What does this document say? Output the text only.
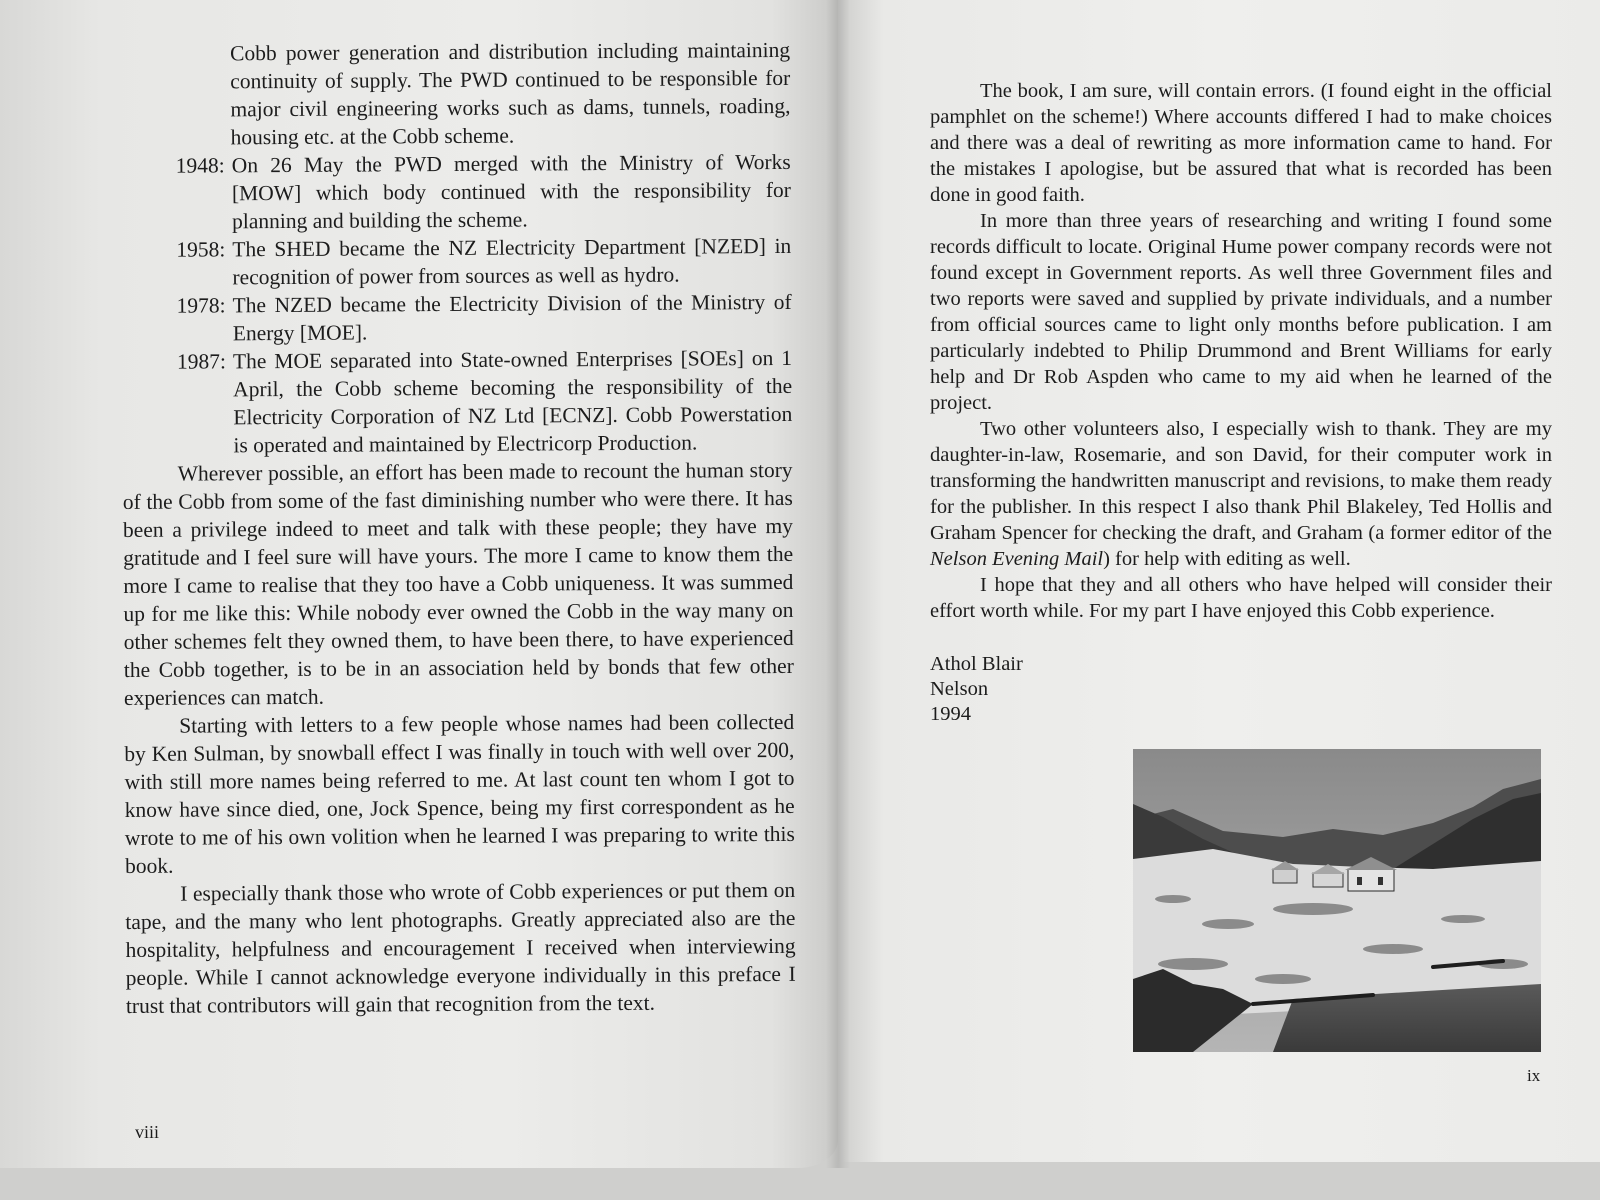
Cobb power generation and distribution including maintaining continuity of supply. The PWD continued to be responsible for major civil engineering works such as dams, tunnels, roading, housing etc. at the Cobb scheme.

1948: On 26 May the PWD merged with the Ministry of Works [MOW] which body continued with the responsibility for planning and building the scheme.
1958: The SHED became the NZ Electricity Department [NZED] in recognition of power from sources as well as hydro.
1978: The NZED became the Electricity Division of the Ministry of Energy [MOE].
1987: The MOE separated into State-owned Enterprises [SOEs] on 1 April, the Cobb scheme becoming the responsibility of the Electricity Corporation of NZ Ltd [ECNZ]. Cobb Powerstation is operated and maintained by Electricorp Production.

Wherever possible, an effort has been made to recount the human story of the Cobb from some of the fast diminishing number who were there. It has been a privilege indeed to meet and talk with these people; they have my gratitude and I feel sure will have yours. The more I came to know them the more I came to realise that they too have a Cobb uniqueness. It was summed up for me like this: While nobody ever owned the Cobb in the way many on other schemes felt they owned them, to have been there, to have experienced the Cobb together, is to be in an association held by bonds that few other experiences can match.

Starting with letters to a few people whose names had been collected by Ken Sulman, by snowball effect I was finally in touch with well over 200, with still more names being referred to me. At last count ten whom I got to know have since died, one, Jock Spence, being my first correspondent as he wrote to me of his own volition when he learned I was preparing to write this book.

I especially thank those who wrote of Cobb experiences or put them on tape, and the many who lent photographs. Greatly appreciated also are the hospitality, helpfulness and encouragement I received when interviewing people. While I cannot acknowledge everyone individually in this preface I trust that contributors will gain that recognition from the text.

viii

The book, I am sure, will contain errors. (I found eight in the official pamphlet on the scheme!) Where accounts differed I had to make choices and there was a deal of rewriting as more information came to hand. For the mistakes I apologise, but be assured that what is recorded has been done in good faith.

In more than three years of researching and writing I found some records difficult to locate. Original Hume power company records were not found except in Government reports. As well three Government files and two reports were saved and supplied by private individuals, and a number from official sources came to light only months before publication. I am particularly indebted to Philip Drummond and Brent Williams for early help and Dr Rob Aspden who came to my aid when he learned of the project.

Two other volunteers also, I especially wish to thank. They are my daughter-in-law, Rosemarie, and son David, for their computer work in transforming the handwritten manuscript and revisions, to make them ready for the publisher. In this respect I also thank Phil Blakeley, Ted Hollis and Graham Spencer for checking the draft, and Graham (a former editor of the Nelson Evening Mail) for help with editing as well.

I hope that they and all others who have helped will consider their effort worth while. For my part I have enjoyed this Cobb experience.

Athol Blair
Nelson
1994
ix
